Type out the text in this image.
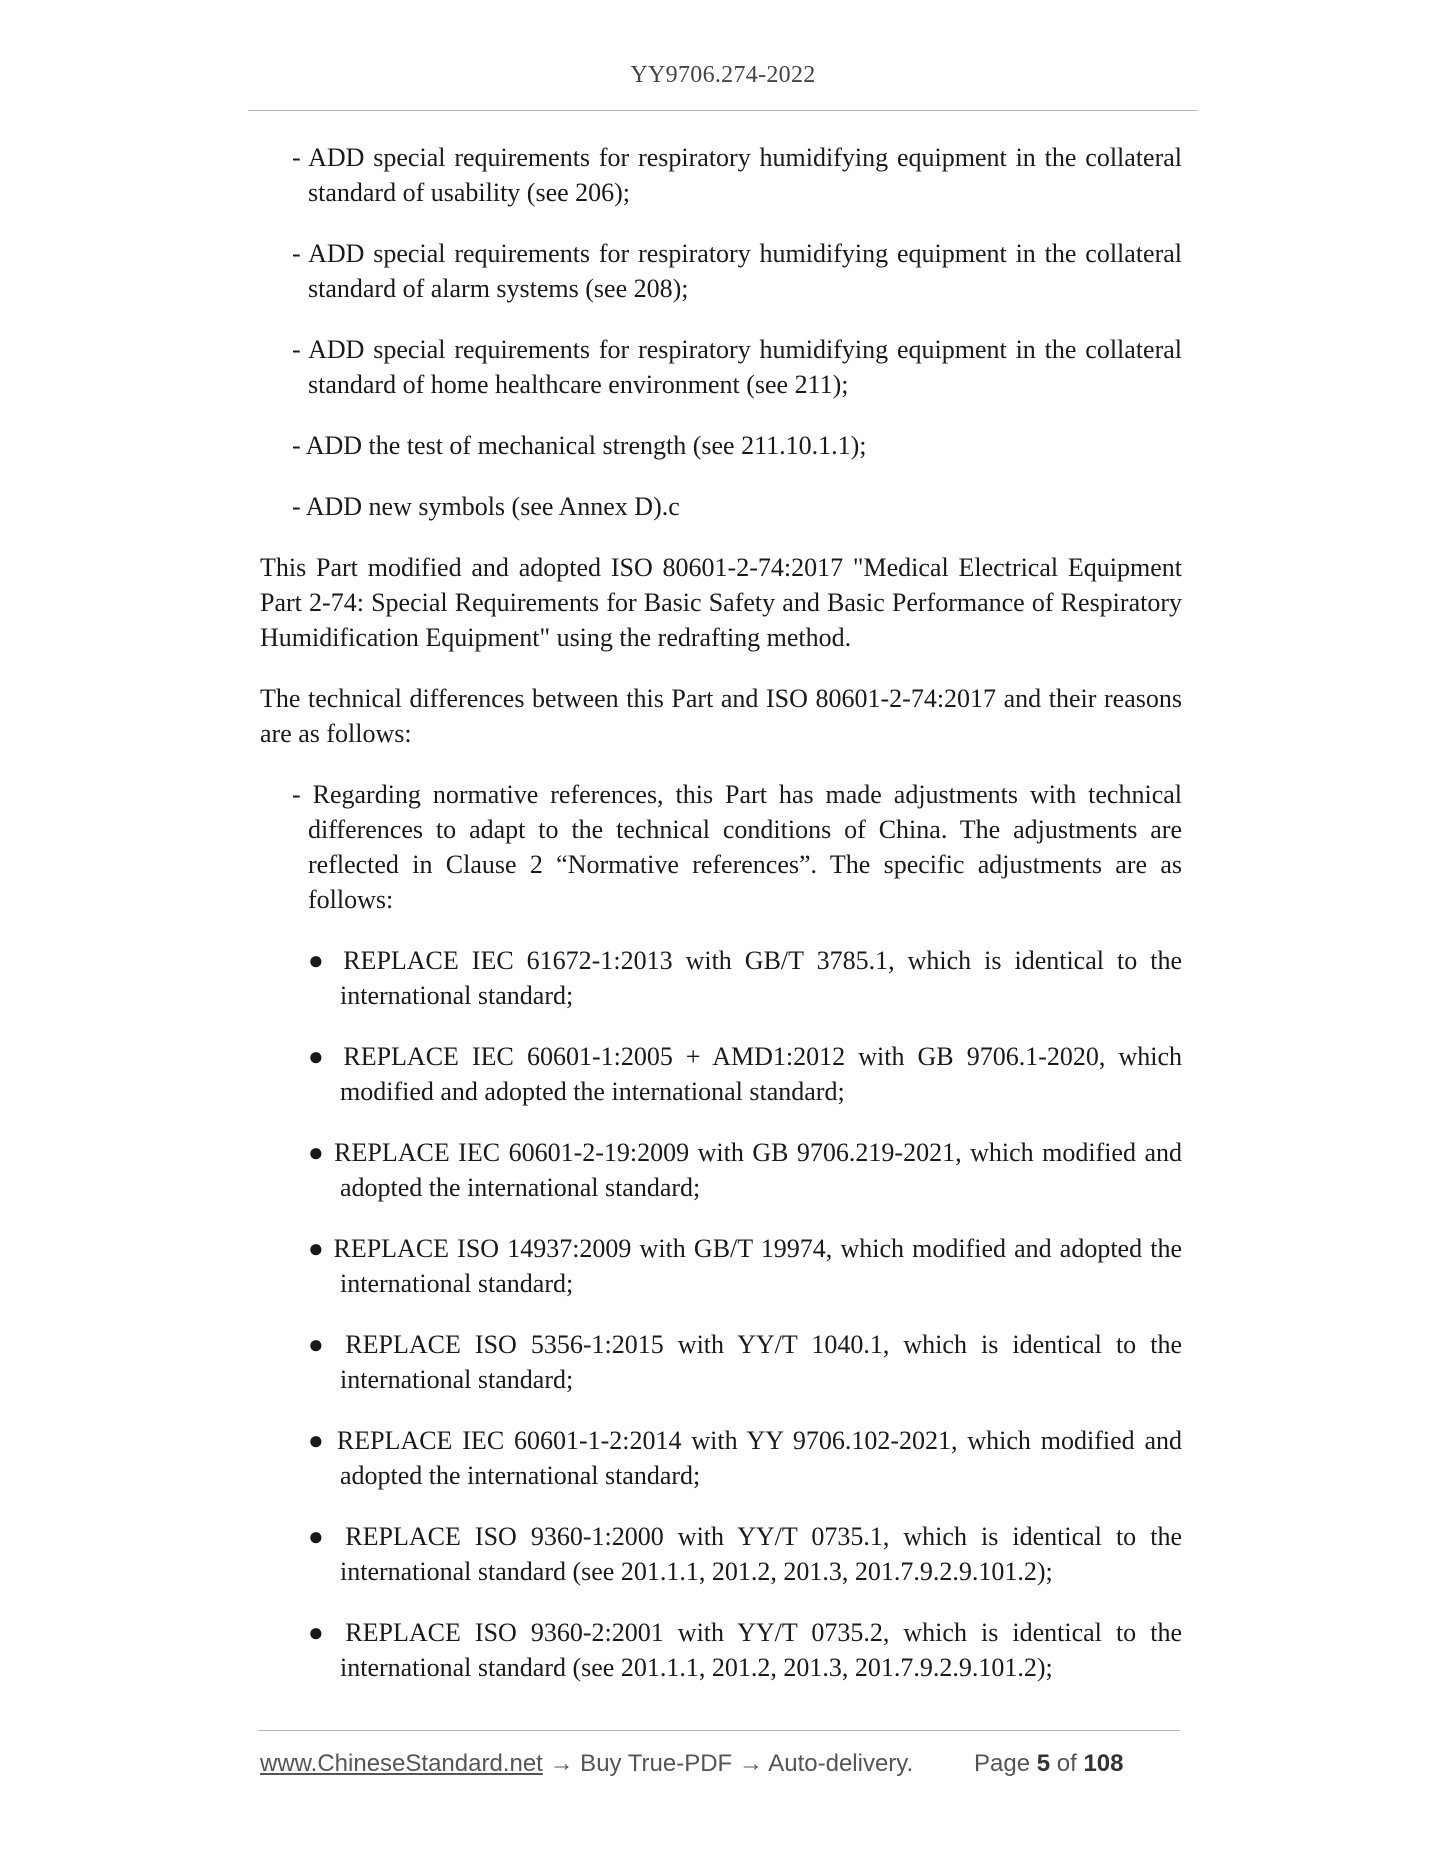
YY9706.274-2022
- ADD special requirements for respiratory humidifying equipment in the collateral standard of usability (see 206);
- ADD special requirements for respiratory humidifying equipment in the collateral standard of alarm systems (see 208);
- ADD special requirements for respiratory humidifying equipment in the collateral standard of home healthcare environment (see 211);
- ADD the test of mechanical strength (see 211.10.1.1);
- ADD new symbols (see Annex D).c
This Part modified and adopted ISO 80601-2-74:2017 "Medical Electrical Equipment Part 2-74: Special Requirements for Basic Safety and Basic Performance of Respiratory Humidification Equipment" using the redrafting method.
The technical differences between this Part and ISO 80601-2-74:2017 and their reasons are as follows:
- Regarding normative references, this Part has made adjustments with technical differences to adapt to the technical conditions of China. The adjustments are reflected in Clause 2 “Normative references”. The specific adjustments are as follows:
● REPLACE IEC 61672-1:2013 with GB/T 3785.1, which is identical to the international standard;
● REPLACE IEC 60601-1:2005 + AMD1:2012 with GB 9706.1-2020, which modified and adopted the international standard;
● REPLACE IEC 60601-2-19:2009 with GB 9706.219-2021, which modified and adopted the international standard;
● REPLACE ISO 14937:2009 with GB/T 19974, which modified and adopted the international standard;
● REPLACE ISO 5356-1:2015 with YY/T 1040.1, which is identical to the international standard;
● REPLACE IEC 60601-1-2:2014 with YY 9706.102-2021, which modified and adopted the international standard;
● REPLACE ISO 9360-1:2000 with YY/T 0735.1, which is identical to the international standard (see 201.1.1, 201.2, 201.3, 201.7.9.2.9.101.2);
● REPLACE ISO 9360-2:2001 with YY/T 0735.2, which is identical to the international standard (see 201.1.1, 201.2, 201.3, 201.7.9.2.9.101.2);
www.ChineseStandard.net → Buy True-PDF → Auto-delivery.	Page 5 of 108
